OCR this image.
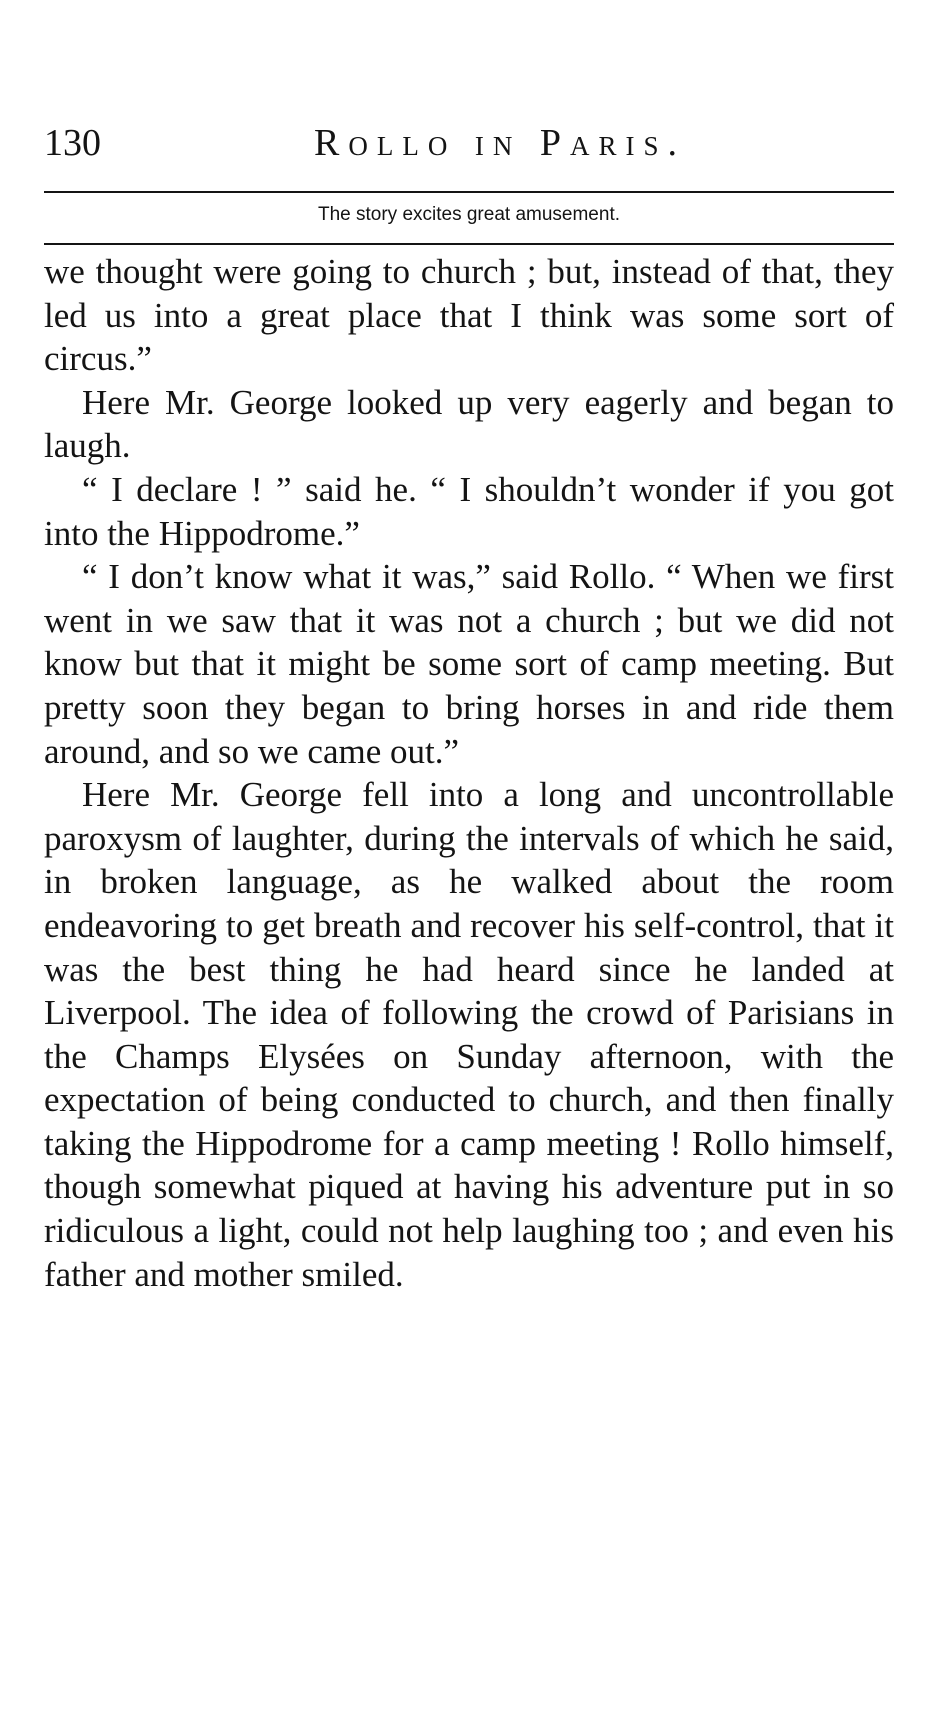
130	Rollo in Paris.
The story excites great amusement.

we thought were going to church ; but, instead of that, they led us into a great place that I think was some sort of circus.”

Here Mr. George looked up very eagerly and began to laugh.

“ I declare ! ” said he. “ I shouldn’t wonder if you got into the Hippodrome.”

“ I don’t know what it was,” said Rollo. “ When we first went in we saw that it was not a church ; but we did not know but that it might be some sort of camp meeting. But pretty soon they began to bring horses in and ride them around, and so we came out.”

Here Mr. George fell into a long and uncontrollable paroxysm of laughter, during the intervals of which he said, in broken language, as he walked about the room endeavoring to get breath and recover his self-control, that it was the best thing he had heard since he landed at Liverpool. The idea of following the crowd of Parisians in the Champs Elysées on Sunday afternoon, with the expectation of being conducted to church, and then finally taking the Hippodrome for a camp meeting ! Rollo himself, though somewhat piqued at having his adventure put in so ridiculous a light, could not help laughing too ; and even his father and mother smiled.
